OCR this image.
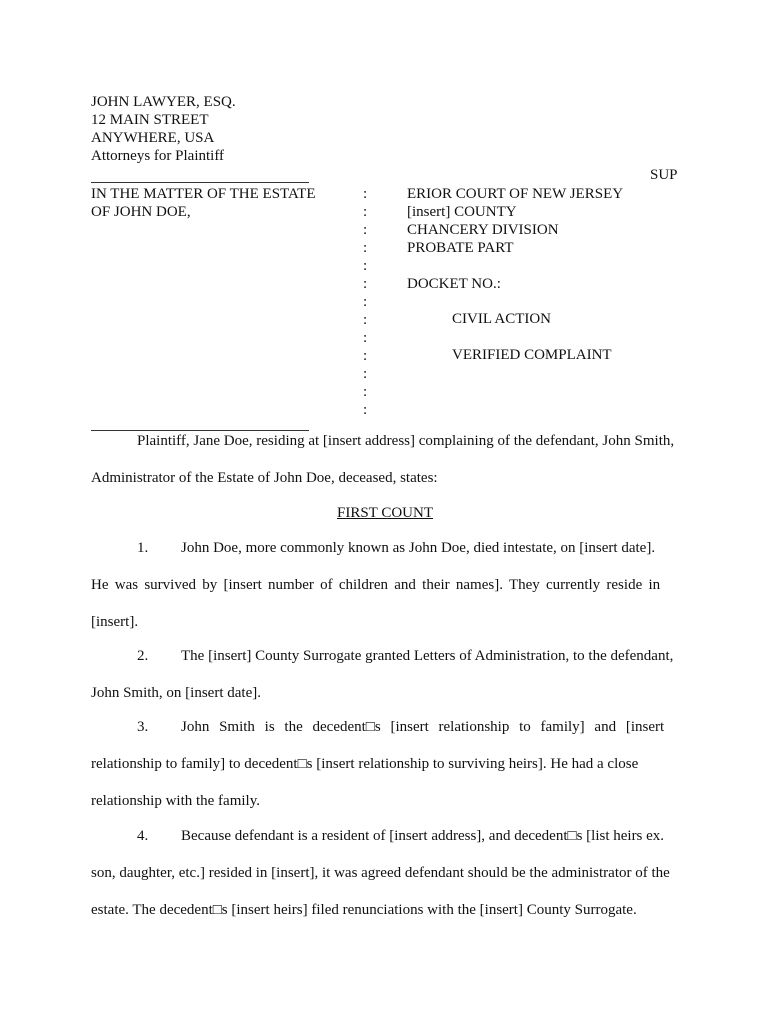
JOHN LAWYER, ESQ.
12 MAIN STREET
ANYWHERE, USA
Attorneys for Plaintiff
SUP
IN THE MATTER OF THE ESTATE
OF JOHN DOE,
:
:
:
:
:
:
:
:
:
:
:
:
:
ERIOR COURT OF NEW JERSEY
[insert] COUNTY
CHANCERY DIVISION
PROBATE PART
DOCKET NO.:
CIVIL ACTION
VERIFIED COMPLAINT
Plaintiff, Jane Doe, residing at [insert address] complaining of the defendant, John Smith,
Administrator of the Estate of John Doe, deceased, states:
FIRST COUNT
1. John Doe, more commonly known as John Doe, died intestate, on [insert date].
He was survived by [insert number of children and their names]. They currently reside in
[insert].
2. The [insert] County Surrogate granted Letters of Administration, to the defendant,
John Smith, on [insert date].
3. John Smith is the decedent□s [insert relationship to family] and [insert
relationship to family] to decedent□s [insert relationship to surviving heirs]. He had a close
relationship with the family.
4. Because defendant is a resident of [insert address], and decedent□s [list heirs ex.
son, daughter, etc.] resided in [insert], it was agreed defendant should be the administrator of the
estate. The decedent□s [insert heirs] filed renunciations with the [insert] County Surrogate.
